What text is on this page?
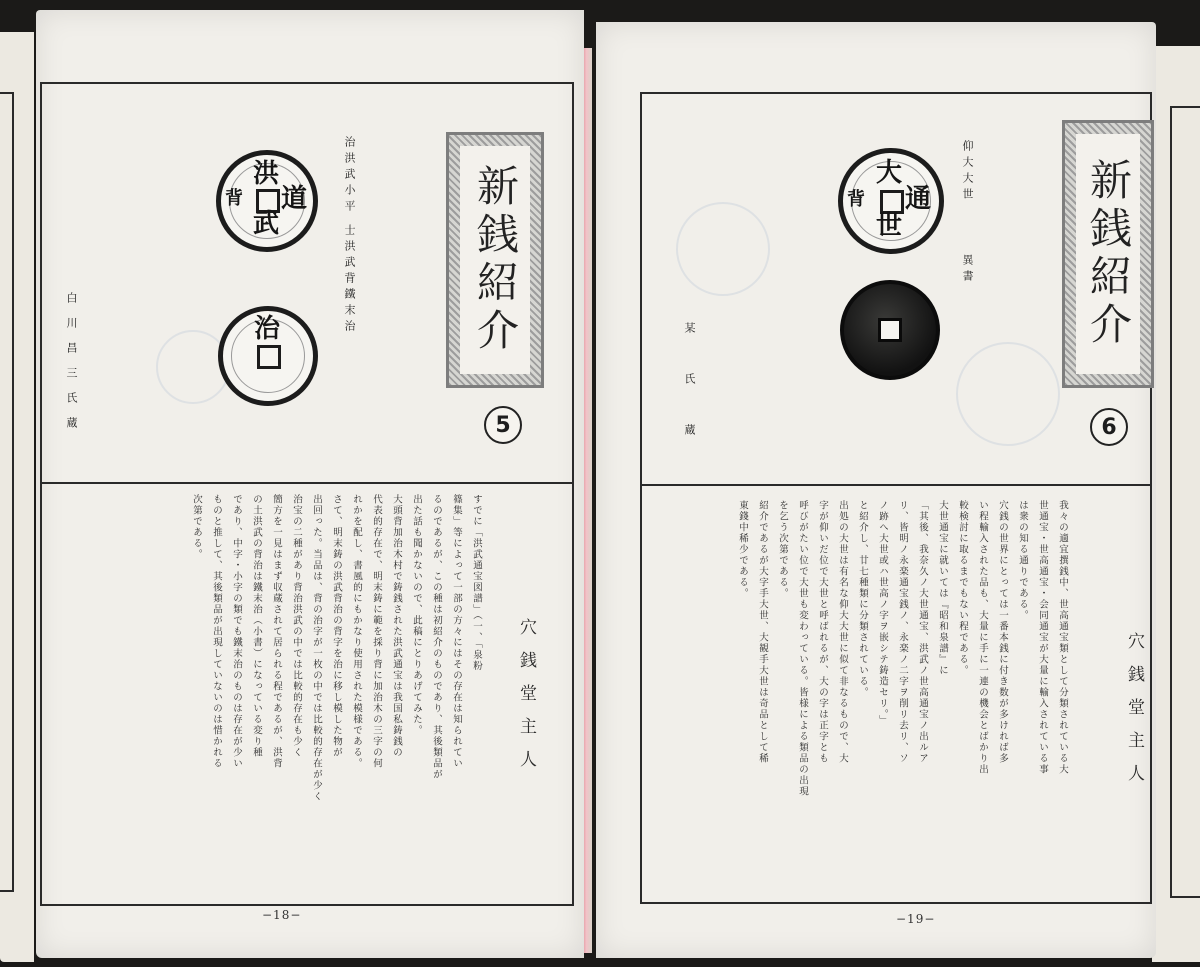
新銭紹介
5
洪
道
武
背
治
治洪武小平
士洪武背鐵末治
白川昌三氏蔵
穴銭堂主人
すでに「洪武通宝図譜」（一、「泉粉
篠集」等によって一部の方々にはその存在は知られてい
るのであるが、この種は初紹介のものであり、其後類品が
出た話も聞かないので、此稿にとりあげてみた。
大頭背加治木村で鋳銭された洪武通宝は我国私鋳銭の
代表的存在で、明末鋳に範を採り背に加治木の三字の何
れかを配し、書風的にもかなり使用された模様である。
さて、明末鋳の洪武背治の背字を治に移し模した物が
出回った。当品は、背の治字が一枚の中では比較的存在が少く
治宝の二種があり背治洪武の中では比較的存在も少く
簡方を一見はまず収蔵されて居られる程であるが、洪背
の土洪武の背治は鐵末治（小書）になっている変り種
であり、中字・小字の類でも鐵末治のものは存在が少い
ものと推して、其後類品が出現していないのは惜かれる
次第である。
−18−
新銭紹介
6
大
通
世
背	仰大大世
異書
某氏蔵
穴銭堂主人
我々の適宜撰銭中、世高通宝類として分類されている大
世通宝・世高通宝・会同通宝が大量に輸入されている事
は衆の知る通りである。
穴銭の世界にとっては一番本銭に付き数が多ければ多
い程輸入された品も、大量に手に一連の機会とばかり出
較検討に取るまでもない程である。
大世通宝に就いては『昭和泉譜』に
「其後、我奈久ノ大世通宝、洪武ノ世高通宝ノ出ルア
リ、皆明ノ永楽通宝銭ノ、永楽ノ二字ヲ削リ去リ、ソ
ノ跡へ大世或ハ世高ノ字ヲ嵌シテ鋳造セリ。」
と紹介し、廿七種類に分類されている。
出処の大世は有名な仰大大世に似て非なるもので、大
字が仰いだ位で大世と呼ばれるが、大の字は正字とも
呼びがたい位で大世も変わっている。皆様による類品の出現
を乞う次第である。
紹介であるが大字手大世、大観手大世は奇品として稀
東錢中稀少である。
−19−
